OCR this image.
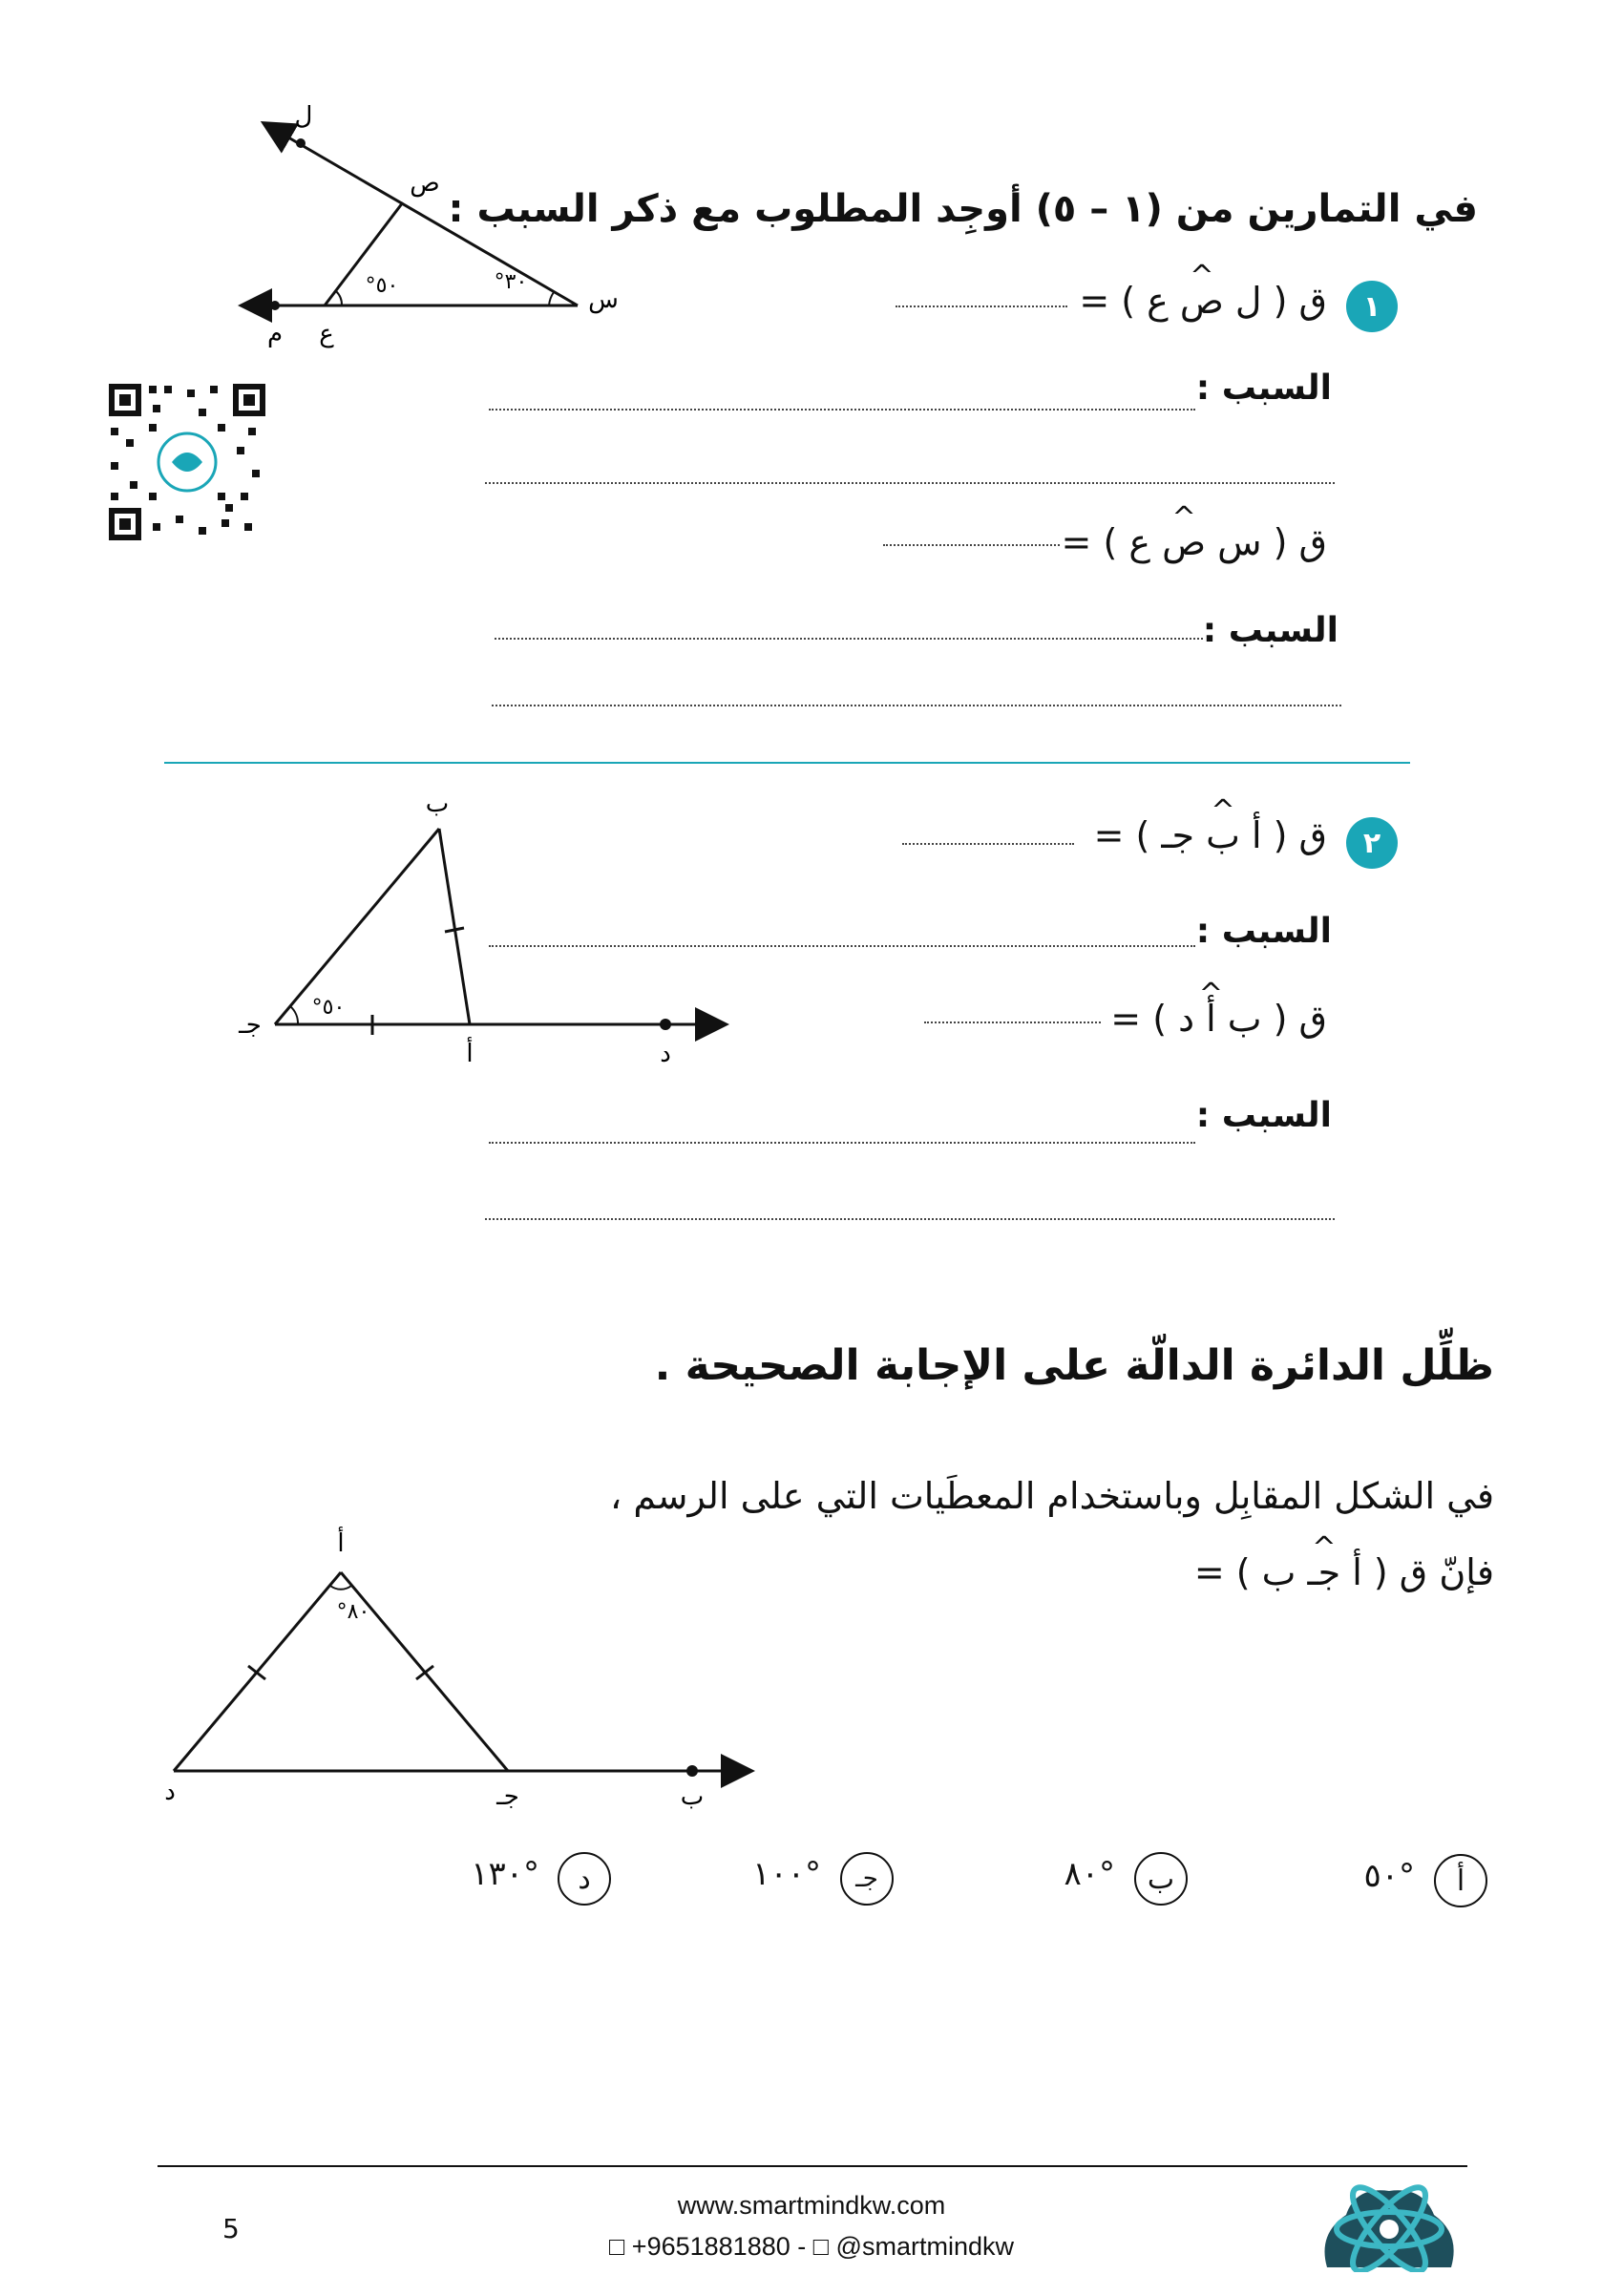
في التمارين من (١ – ٥) أوجِد المطلوب مع ذكر السبب :
ل
ص
س
ع
م
°٥٠	°٣٠
١
ﻕ ( ل ^ ص ع ) =
السبب :
ﻕ ( س ^ ص ع ) =
السبب :
ب
جـ
أ	د
°٥٠
٢
ﻕ ( أ ^ ب جـ ) =
السبب :
ﻕ ( ب ^ أ د ) =
السبب :
ظلِّل الدائرة الدالّة على الإجابة الصحيحة .
في الشكل المقابِل وباستخدام المعطَيات التي على الرسم ،
فإنّ ﻕ ( أ ^ جـ ب ) =
أ
د	جـ	ب
°٨٠
أ
°٥٠
ب
°٨٠
جـ
°١٠٠
د
°١٣٠
5
www.smartmindkw.com
□ +9651881880 - □ @smartmindkw
